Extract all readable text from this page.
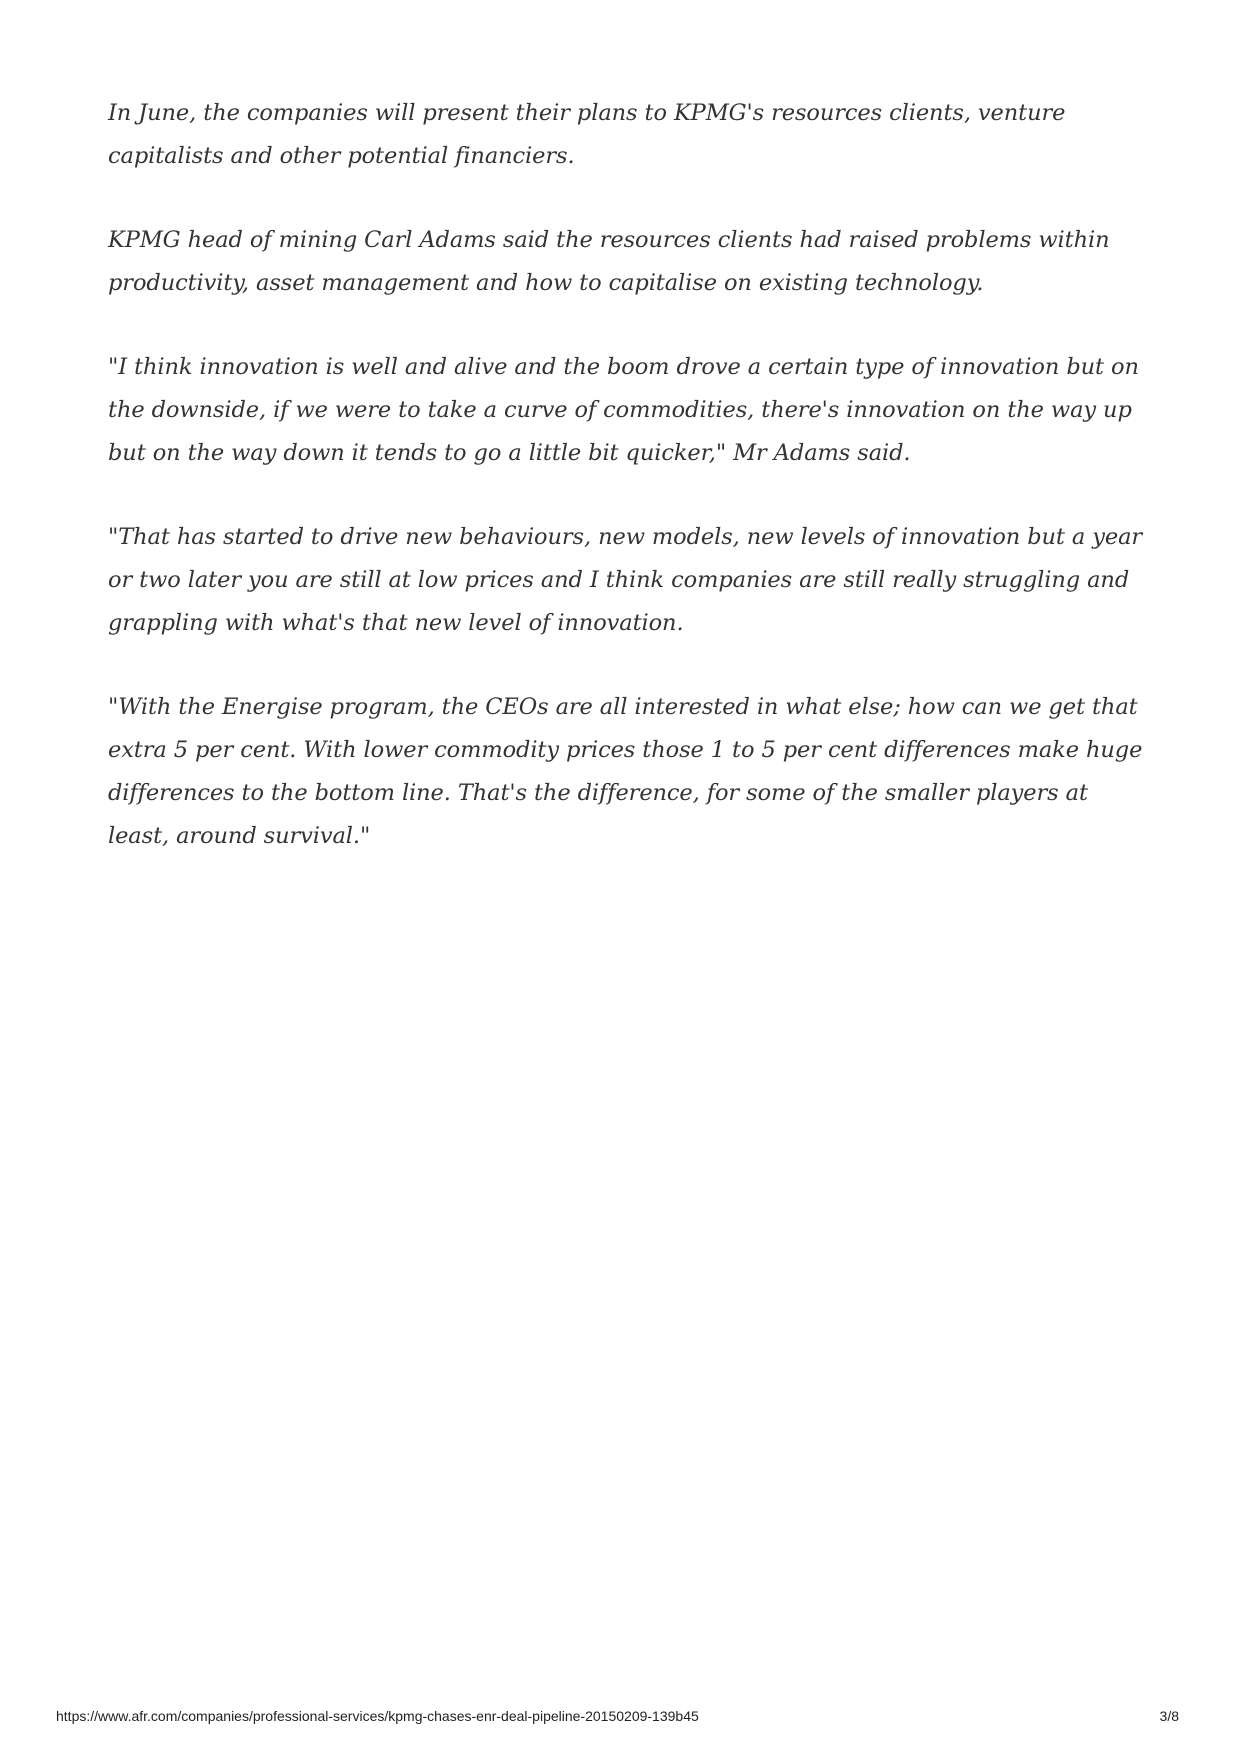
In June, the companies will present their plans to KPMG's resources clients, venture capitalists and other potential financiers.

KPMG head of mining Carl Adams said the resources clients had raised problems within productivity, asset management and how to capitalise on existing technology.

"I think innovation is well and alive and the boom drove a certain type of innovation but on the downside, if we were to take a curve of commodities, there's innovation on the way up but on the way down it tends to go a little bit quicker," Mr Adams said.

"That has started to drive new behaviours, new models, new levels of innovation but a year or two later you are still at low prices and I think companies are still really struggling and grappling with what's that new level of innovation.

"With the Energise program, the CEOs are all interested in what else; how can we get that extra 5 per cent. With lower commodity prices those 1 to 5 per cent differences make huge differences to the bottom line. That's the difference, for some of the smaller players at least, around survival."

https://www.afr.com/companies/professional-services/kpmg-chases-enr-deal-pipeline-20150209-139b45	3/8
